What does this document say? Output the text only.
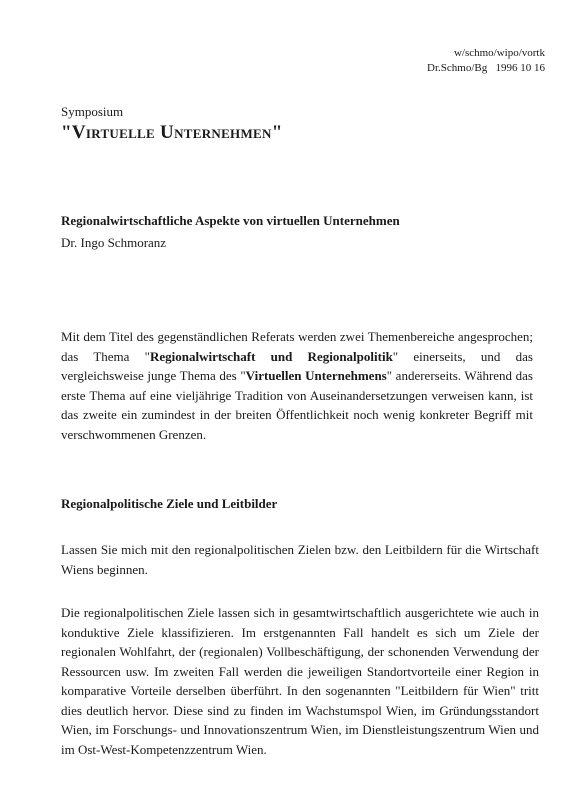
w/schmo/wipo/vortk
Dr.Schmo/Bg   1996 10 16
Symposium
"Virtuelle Unternehmen"
Regionalwirtschaftliche Aspekte von virtuellen Unternehmen
Dr. Ingo Schmoranz
Mit dem Titel des gegenständlichen Referats werden zwei Themenbereiche angesprochen; das Thema "Regionalwirtschaft und Regionalpolitik" einerseits, und das vergleichsweise junge Thema des "Virtuellen Unternehmens" andererseits. Während das erste Thema auf eine vieljährige Tradition von Auseinandersetzungen verweisen kann, ist das zweite ein zumindest in der breiten Öffentlichkeit noch wenig konkreter Begriff mit verschwommenen Grenzen.
Regionalpolitische Ziele und Leitbilder
Lassen Sie mich mit den regionalpolitischen Zielen bzw. den Leitbildern für die Wirtschaft Wiens beginnen.
Die regionalpolitischen Ziele lassen sich in gesamtwirtschaftlich ausgerichtete wie auch in konduktive Ziele klassifizieren. Im erstgenannten Fall handelt es sich um Ziele der regionalen Wohlfahrt, der (regionalen) Vollbeschäftigung, der schonenden Verwendung der Ressourcen usw. Im zweiten Fall werden die jeweiligen Standortvorteile einer Region in komparative Vorteile derselben überführt. In den sogenannten "Leitbildern für Wien" tritt dies deutlich hervor. Diese sind zu finden im Wachstumspol Wien, im Gründungsstandort Wien, im Forschungs- und Innovationszentrum Wien, im Dienstleistungszentrum Wien und im Ost-West-Kompetenzzentrum Wien.
